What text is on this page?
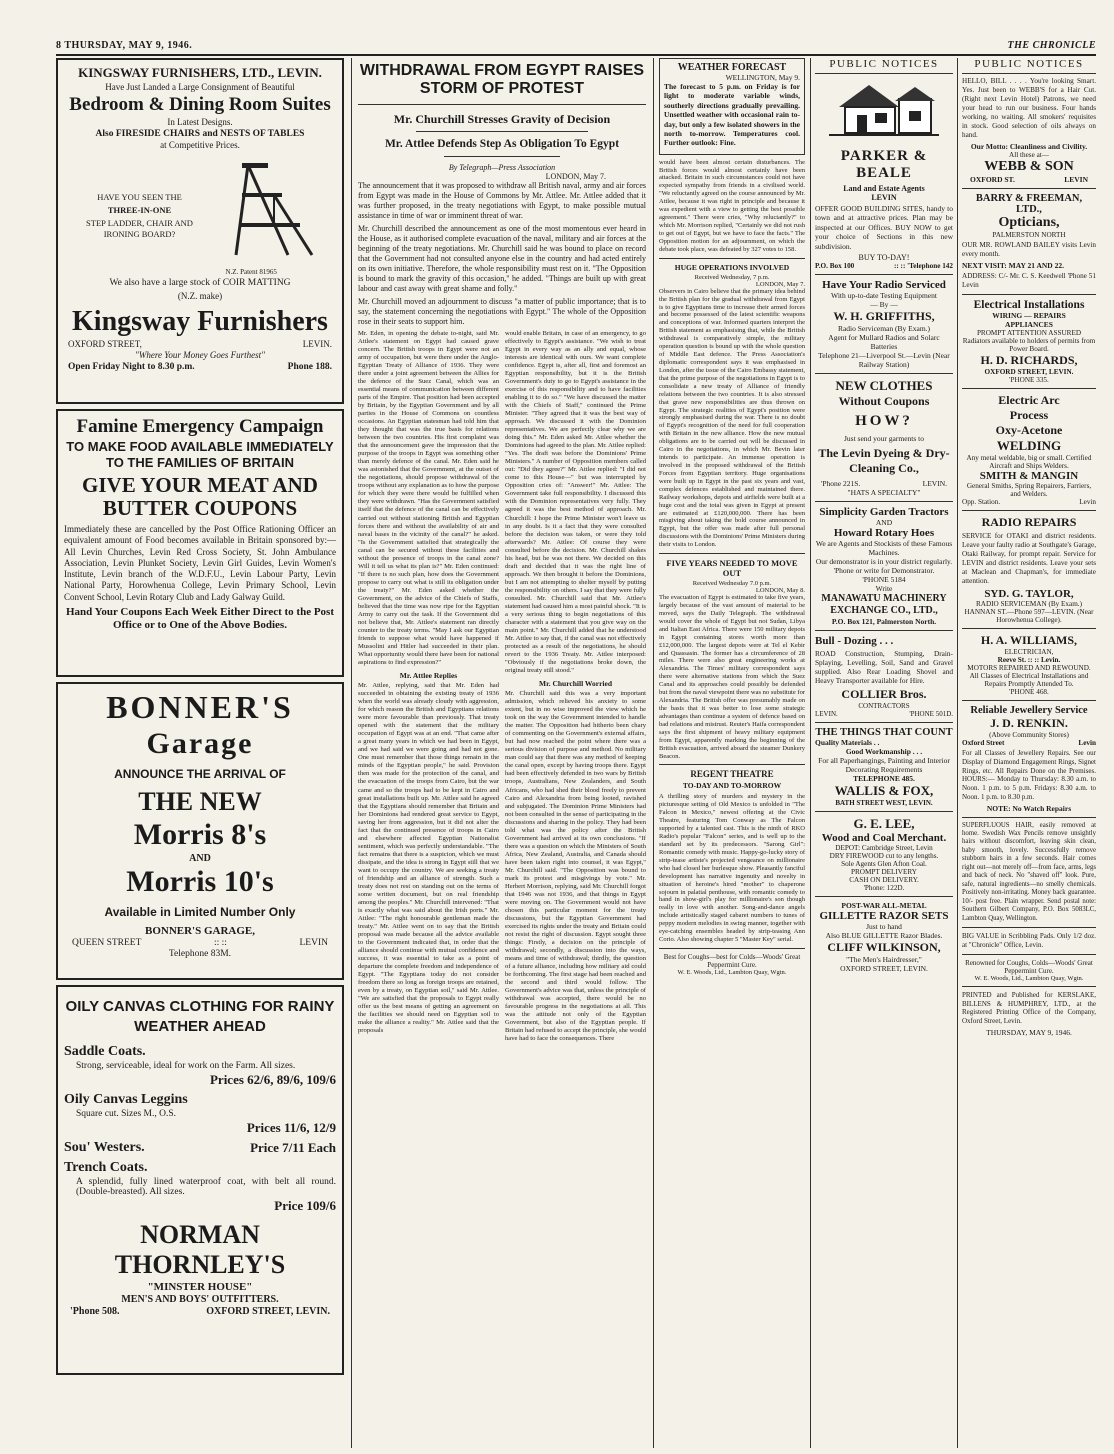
8 THURSDAY, MAY 9, 1946.	THE CHRONICLE

KINGSWAY FURNISHERS, LTD., LEVIN.

Have Just Landed a Large Consignment of Beautiful

Bedroom & Dining Room Suites

In Latest Designs.

Also FIRESIDE CHAIRS and NESTS OF TABLES

at Competitive Prices.

HAVE YOU SEEN THE

THREE-IN-ONE

STEP LADDER, CHAIR AND

IRONING BOARD?

N.Z. Patent 81965

We also have a large stock of COIR MATTING

(N.Z. make)

Kingsway Furnishers

OXFORD STREET,	LEVIN.

"Where Your Money Goes Furthest"

Open Friday Night to 8.30 p.m.	Phone 188.

Famine Emergency Campaign

TO MAKE FOOD AVAILABLE IMMEDIATELY

TO THE FAMILIES OF BRITAIN

GIVE YOUR MEAT AND BUTTER COUPONS

Immediately these are cancelled by the Post Office Rationing Officer an equivalent amount of Food becomes available in Britain sponsored by:—All Levin Churches, Levin Red Cross Society, St. John Ambulance Association, Levin Plunket Society, Levin Girl Guides, Levin Women's Institute, Levin branch of the W.D.F.U., Levin Labour Party, Levin National Party, Horowhenua College, Levin Primary School, Levin Convent School, Levin Rotary Club and Lady Galway Guild.

Hand Your Coupons Each Week Either Direct to the Post Office or to One of the Above Bodies.

BONNER'S

Garage

ANNOUNCE THE ARRIVAL OF

THE NEW

Morris 8's

AND

Morris 10's

Available in Limited Number Only

BONNER'S GARAGE,

QUEEN STREET	:: ::	LEVIN

Telephone 83M.

OILY CANVAS CLOTHING FOR RAINY WEATHER AHEAD

Saddle Coats.

Strong, serviceable, ideal for work on the Farm. All sizes.

Prices 62/6, 89/6, 109/6

Oily Canvas Leggins

Square cut. Sizes M., O.S.

Prices 11/6, 12/9

Sou' Westers.	Price 7/11 Each

Trench Coats.

A splendid, fully lined waterproof coat, with belt all round. (Double-breasted). All sizes.

Price 109/6

NORMAN THORNLEY'S

"MINSTER HOUSE"

MEN'S AND BOYS' OUTFITTERS.

'Phone 508.	OXFORD STREET, LEVIN.
WITHDRAWAL FROM EGYPT RAISES STORM OF PROTEST
Mr. Churchill Stresses Gravity of Decision
Mr. Attlee Defends Step As Obligation To Egypt
By Telegraph—Press Association
LONDON, May 7.

The announcement that it was proposed to withdraw all British naval, army and air forces from Egypt was made in the House of Commons by Mr. Attlee. Mr. Attlee added that it was further proposed, in the treaty negotiations with Egypt, to make possible mutual assistance in time of war or imminent threat of war.

Mr. Churchill described the announcement as one of the most momentous ever heard in the House, as it authorised complete evacuation of the naval, military and air forces at the beginning of the treaty negotiations. Mr. Churchill said he was bound to place on record that the Government had not consulted anyone else in the country and had acted entirely on its own initiative. Therefore, the whole responsibility must rest on it. "The Opposition is bound to mark the gravity of this occasion," he added. "Things are built up with great labour and cast away with great shame and folly."

Mr. Churchill moved an adjournment to discuss "a matter of public importance; that is to say, the statement concerning the negotiations with Egypt." The whole of the Opposition rose in their seats to support him.

Mr. Eden, in opening the debate to-night, said Mr. Attlee's statement on Egypt had caused grave concern. The British troops in Egypt were not an army of occupation, but were there under the Anglo-Egyptian Treaty of Alliance of 1936. They were there under a joint agreement between the Allies for the defence of the Suez Canal, which was an essential means of communication between different parts of the Empire. That position had been accepted by Britain, by the Egyptian Government and by all parties in the House of Commons on countless occasions. An Egyptian statesman had told him that they thought that was the true basis for relations between the two countries. His first complaint was that the announcement gave the impression that the purpose of the troops in Egypt was something other than merely defence of the canal. Mr. Eden said he was astonished that the Government, at the outset of the negotiations, should propose withdrawal of the troops without any explanation as to how the purpose for which they were there would be fulfilled when they were withdrawn. "Has the Government satisfied itself that the defence of the canal can be effectively carried out without stationing British and Egyptian forces there and without the availability of air and naval bases in the vicinity of the canal?" he asked. "Is the Government satisfied that strategically the canal can be secured without these facilities and without the presence of troops in the canal zone? Will it tell us what its plan is?" Mr. Eden continued: "If there is no such plan, how does the Government propose to carry out what is still its obligation under the treaty?" Mr. Eden asked whether the Government, on the advice of the Chiefs of Staffs, believed that the time was now ripe for the Egyptian Army to carry out the task. If the Government did not believe that, Mr. Attlee's statement ran directly counter to the treaty terms. "May I ask our Egyptian friends to suppose what would have happened if Mussolini and Hitler had succeeded in their plan. What opportunity would there have been for national aspirations to find expression?"

Mr. Attlee Replies

Mr. Attlee, replying, said that Mr. Eden had succeeded in obtaining the existing treaty of 1936 when the world was already cloudy with aggression, for which reason the British and Egyptians relations were more favourable than previously. That treaty opened with the statement that the military occupation of Egypt was at an end. "That came after a great many years in which we had been in Egypt, and we had said we were going and had not gone. One must remember that those things remain in the minds of the Egyptian people," he said. Provision then was made for the protection of the canal, and the evacuation of the troops from Cairo, but the war came and so the troops had to be kept in Cairo and great installations built up. Mr. Attlee said he agreed that the Egyptians should remember that Britain and her Dominions had rendered great service to Egypt, saving her from aggression, but it did not alter the fact that the continued presence of troops in Cairo and elsewhere affected Egyptian Nationalist sentiment, which was perfectly understandable. "The fact remains that there is a suspicion, which we must dissipate, and the idea is strong in Egypt still that we want to occupy the country. We are seeking a treaty of friendship and an alliance of strength. Such a treaty does not rest on standing out on the terms of some written document, but on real friendship among the peoples." Mr. Churchill intervened: "That is exactly what was said about the Irish ports." Mr. Attlee: "The right honourable gentleman made the treaty." Mr. Attlee went on to say that the British proposal was made because all the advice available to the Government indicated that, in order that the alliance should continue with mutual confidence and success, it was essential to take as a point of departure the complete freedom and independence of Egypt. "The Egyptians today do not consider freedom there so long as foreign troops are retained, even by a treaty, on Egyptian soil," said Mr. Attlee. "We are satisfied that the proposals to Egypt really offer us the best means of getting an agreement on the facilities we should need on Egyptian soil to make the alliance a reality." Mr. Attlee said that the proposals

would enable Britain, in case of an emergency, to go effectively to Egypt's assistance. "We wish to treat Egypt in every way as an ally and equal, whose interests are identical with ours. We want complete confidence. Egypt is, after all, first and foremost an Egyptian responsibility, but it is the British Government's duty to go to Egypt's assistance in the exercise of this responsibility and to have facilities enabling it to do so." "We have discussed the matter with the Chiefs of Staff," continued the Prime Minister. "They agreed that it was the best way of approach. We discussed it with the Dominion representatives. We are perfectly clear why we are doing this." Mr. Eden asked Mr. Attlee whether the Dominions had agreed to the plan. Mr. Attlee replied: "Yes. The draft was before the Dominions' Prime Ministers." A number of Opposition members called out: "Did they agree?" Mr. Attlee replied: "I did not come to this House—" but was interrupted by Opposition cries of: "Answer!" Mr. Attlee: The Government take full responsibility. I discussed this with the Dominion representatives very fully. They agreed it was the best method of approach. Mr. Churchill: I hope the Prime Minister won't leave us in any doubt. Is it a fact that they were consulted before the decision was taken, or were they told afterwards? Mr. Attlee: Of course they were consulted before the decision. Mr. Churchill shakes his head, but he was not there. We decided on this draft and decided that it was the right line of approach. We then brought it before the Dominions, but I am not attempting to shelter myself by putting the responsibility on others. I say that they were fully consulted. Mr. Churchill said that Mr. Attlee's statement had caused him a most painful shock. "It is a very serious thing to begin negotiations of this character with a statement that you give way on the main point." Mr. Churchill added that he understood Mr. Attlee to say that, if the canal was not effectively protected as a result of the negotiations, he should revert to the 1936 Treaty. Mr. Attlee interposed: "Obviously if the negotiations broke down, the original treaty still stood."

Mr. Churchill Worried

Mr. Churchill said this was a very important admission, which relieved his anxiety to some extent, but in no wise improved the view which he took on the way the Government intended to handle the matter. The Opposition had hitherto been chary of commenting on the Government's external affairs, but had now reached the point where there was a serious division of purpose and method. No military man could say that there was any method of keeping the canal open, except by having troops there. Egypt had been effectively defended in two wars by British troops, Australians, New Zealanders, and South Africans, who had shed their blood freely to prevent Cairo and Alexandria from being looted, ravished and subjugated. The Dominion Prime Ministers had not been consulted in the sense of participating in the discussions and sharing in the policy. They had been told what was the policy after the British Government had arrived at its own conclusions. "If there was a question on which the Ministers of South Africa, New Zealand, Australia, and Canada should have been taken right into counsel, it was Egypt," Mr. Churchill said. "The Opposition was bound to mark its protest and misgivings by vote." Mr. Herbert Morrison, replying, said Mr. Churchill forgot that 1946 was not 1936, and that things in Egypt were moving on. The Government would not have chosen this particular moment for the treaty discussions, but the Egyptian Government had exercised its rights under the treaty and Britain could not resist the right of discussion. Egypt sought three things: Firstly, a decision on the principle of withdrawal; secondly, a discussion into the ways, means and time of withdrawal; thirdly, the question of a future alliance, including how military aid could be forthcoming. The first stage had been reached and the second and third would follow. The Government's advice was that, unless the principle of withdrawal was accepted, there would be no favourable progress in the negotiations at all. This was the attitude not only of the Egyptian Government, but also of the Egyptian people. If Britain had refused to accept the principle, she would have had to face the consequences. There

WEATHER FORECAST
WELLINGTON, May 9.

The forecast to 5 p.m. on Friday is for light to moderate variable winds, southerly directions gradually prevailing. Unsettled weather with occasional rain to-day, but only a few isolated showers in the north to-morrow. Temperatures cool. Further outlook: Fine.

would have been almost certain disturbances. The British forces would almost certainly have been attacked. Britain in such circumstances could not have expected sympathy from friends in a civilised world. "We reluctantly agreed on the course announced by Mr. Attlee, because it was right in principle and because it was expedient with a view to getting the best possible agreement." There were cries, "Why reluctantly?" to which Mr. Morrison replied, "Certainly we did not rush to get out of Egypt, but we have to face the facts." The Opposition motion for an adjournment, on which the debate took place, was defeated by 327 votes to 158.

HUGE OPERATIONS INVOLVED

Received Wednesday, 7 p.m.
LONDON, May 7.

Observers in Cairo believe that the primary idea behind the British plan for the gradual withdrawal from Egypt is to give Egyptians time to increase their armed forces and become possessed of the latest scientific weapons and conceptions of war. Informed quarters interpret the British statement as emphasising that, while the British withdrawal is comparatively simple, the military operation question is bound up with the whole question of Middle East defence. The Press Association's diplomatic correspondent says it was emphasised in London, after the issue of the Cairo Embassy statement, that the prime purpose of the negotiations in Egypt is to consolidate a new treaty of Alliance of friendly relations between the two countries. It is also stressed that grave new responsibilities are thus thrown on Egypt. The strategic realities of Egypt's position were strongly emphasised during the war. There is no doubt of Egypt's recognition of the need for full cooperation with Britain in the new alliance. How the new mutual obligations are to be carried out will be discussed in Cairo in the negotiations, in which Mr. Bevin later intends to participate. An immense operation is involved in the proposed withdrawal of the British Forces from Egyptian territory. Huge organisations were built up in Egypt in the past six years and vast, complex defences established and maintained there. Railway workshops, depots and airfields were built at a huge cost and the total was given in Egypt at present are estimated at £120,000,000. There has been misgiving about taking the bold course announced in Egypt, but the offer was made after full personal discussions with the Dominions' Prime Ministers during their visits to London.

FIVE YEARS NEEDED TO MOVE OUT

Received Wednesday 7.0 p.m.
LONDON, May 8.

The evacuation of Egypt is estimated to take five years, largely because of the vast amount of material to be moved, says the Daily Telegraph. The withdrawal would cover the whole of Egypt but not Sudan, Libya and Italian East Africa. There were 150 military depots in Egypt containing stores worth more than £12,000,000. The largest depots were at Tel el Kebir and Quassasin. The former has a circumference of 28 miles. There were also great engineering works at Alexandria. The Times' military correspondent says there were alternative stations from which the Suez Canal and its approaches could possibly be defended but from the naval viewpoint there was no substitute for Alexandria. The British offer was presumably made on the basis that it was better to lose some strategic advantages than continue a system of defence based on bad relations and mistrust. Reuter's Haifa correspondent says the first shipment of heavy military equipment from Egypt, apparently marking the beginning of the British evacuation, arrived aboard the steamer Dunkery Beacon.

REGENT THEATRE

TO-DAY AND TO-MORROW

A thrilling story of murders and mystery in the picturesque setting of Old Mexico is unfolded in "The Falcon in Mexico," newest offering at the Civic Theatre, featuring Tom Conway as The Falcon supported by a talented cast. This is the ninth of RKO Radio's popular "Falcon" series, and is well up to the standard set by its predecessors. "Sarong Girl": Romantic comedy with music. Happy-go-lucky story of strip-tease artiste's projected vengeance on millionaire who had closed her burlesque show. Pleasantly fanciful development has narrative ingenuity and novelty in situation of heroine's hired "mother" to chaperone sojourn in palatial penthouse, with romantic comedy to hand in show-girl's play for millionaire's son though really in love with another. Song-and-dance angels include artistically staged cabaret numbers to tunes of peppy modern melodies in swing manner, together with eye-catching ensembles headed by strip-teasing Ann Corio. Also showing chapter 5 "Master Key" serial.

Best for Coughs—best for Colds—Woods' Great Peppermint Cure.

W. E. Woods, Ltd., Lambton Quay, Wgtn.

PUBLIC NOTICES
PARKER & BEALE
Land and Estate Agents
LEVIN

OFFER GOOD BUILDING SITES, handy to town and at attractive prices. Plan may be inspected at our Offices. BUY NOW to get your choice of Sections in this new subdivision.

BUY TO-DAY!
P.O. Box 100	:: :: 'Telephone 142
Have Your Radio Serviced
With up-to-date Testing Equipment
— By —
W. H. GRIFFITHS,
Radio Serviceman (By Exam.)
Agent for Mullard Radios and Solarc Batteries
Telephone 21—Liverpool St.—Levin (Near Railway Station)
NEW CLOTHES
Without Coupons
HOW?
Just send your garments to
The Levin Dyeing & Dry-Cleaning Co.,
'Phone 221S.	LEVIN.
"HATS A SPECIALTY"
Simplicity Garden Tractors
AND
Howard Rotary Hoes
We are Agents and Stockists of these Famous Machines.
Our demonstrator is in your district regularly.
'Phone or write for Demonstrator.
'PHONE 5184
Write
MANAWATU MACHINERY EXCHANGE CO., LTD.,
P.O. Box 121, Palmerston North.
Bull - Dozing . . .

ROAD Construction, Stumping, Drain-Splaying, Levelling, Soil, Sand and Gravel supplied. Also Rear Loading Shovel and Heavy Transporter available for Hire.

COLLIER Bros.
CONTRACTORS
LEVIN.	'PHONE 501D.
THE THINGS THAT COUNT
Quality Materials . .
Good Workmanship . . .
For all Paperhangings, Painting and Interior Decorating Requirements
TELEPHONE 485.
WALLIS & FOX,
BATH STREET WEST, LEVIN.
G. E. LEE,
Wood and Coal Merchant.
DEPOT: Cambridge Street, Levin
DRY FIREWOOD cut to any lengths.
Sole Agents Glen Afton Coal.
PROMPT DELIVERY
CASH ON DELIVERY.
'Phone: 122D.
POST-WAR ALL-METAL
GILLETTE RAZOR SETS
Just to hand
Also BLUE GILLETTE Razor Blades.
CLIFF WILKINSON,
"The Men's Hairdresser,"
OXFORD STREET, LEVIN.
PUBLIC NOTICES

HELLO, BILL . . . . You're looking Smart. Yes. Just been to WEBB'S for a Hair Cut. (Right next Levin Hotel) Patrons, we need your head to run our business. Four hands working, no waiting. All smokers' requisites in stock. Good selection of oils always on hand.

Our Motto: Cleanliness and Civility.
All these at—
WEBB & SON
OXFORD ST.	LEVIN
BARRY & FREEMAN, LTD.,
Opticians,
PALMERSTON NORTH

OUR MR. ROWLAND BAILEY visits Levin every month.

NEXT VISIT: MAY 21 AND 22.

ADDRESS: C/- Mr. C. S. Keedwell 'Phone 51 Levin

Electrical Installations
WIRING — REPAIRS
APPLIANCES
PROMPT ATTENTION ASSURED
Radiators available to holders of permits from Power Board.
H. D. RICHARDS,
OXFORD STREET, LEVIN.
'PHONE 335.
Electric Arc
Process
Oxy-Acetone
WELDING
Any metal weldable, big or small. Certified Aircraft and Ships Welders.
SMITH & MANGIN
General Smiths, Spring Repairers, Farriers, and Welders.
Opp. Station.	Levin
RADIO REPAIRS

SERVICE for OTAKI and district residents. Leave your faulty radio at Southgate's Garage, Otaki Railway, for prompt repair. Service for LEVIN and district residents. Leave your sets at Maclean and Chapman's, for immediate attention.

SYD. G. TAYLOR,
RADIO SERVICEMAN (By Exam.)
HANNAN ST.—Phone 597—LEVIN. (Near Horowhenua College).
H. A. WILLIAMS,
ELECTRICIAN,
Reeve St. :: :: Levin.
MOTORS REPAIRED AND REWOUND.
All Classes of Electrical Installations and Repairs Promptly Attended To.
'PHONE 468.
Reliable Jewellery Service
J. D. RENKIN.
(Above Community Stores)
Oxford Street	Levin

For all Classes of Jewellery Repairs. See our Display of Diamond Engagement Rings, Signet Rings, etc. All Repairs Done on the Premises. HOURS:— Monday to Thursday: 8.30 a.m. to Noon. 1 p.m. to 5 p.m. Fridays: 8.30 a.m. to Noon. 1 p.m. to 8.30 p.m.

NOTE: No Watch Repairs

SUPERFLUOUS HAIR, easily removed at home. Swedish Wax Pencils remove unsightly hairs without discomfort, leaving skin clean, baby smooth, lovely. Successfully remove stubborn hairs in a few seconds. Hair comes right out—not merely off—from face, arms, legs and back of neck. No "shaved off" look. Pure, safe, natural ingredients—no smelly chemicals. Positively non-irritating. Money back guarantee. 10/- post free. Plain wrapper. Send postal note: Southern Gilbert Company, P.O. Box 5083LC, Lambton Quay, Wellington.

BIG VALUE in Scribbling Pads. Only 1/2 doz. at "Chronicle" Office, Levin.

Renowned for Coughs, Colds—Woods' Great Peppermint Cure.

W. E. Woods, Ltd., Lambton Quay, Wgtn.

PRINTED and Published for KERSLAKE, BILLENS & HUMPHREY, LTD., at the Registered Printing Office of the Company, Oxford Street, Levin.

THURSDAY, MAY 9, 1946.
